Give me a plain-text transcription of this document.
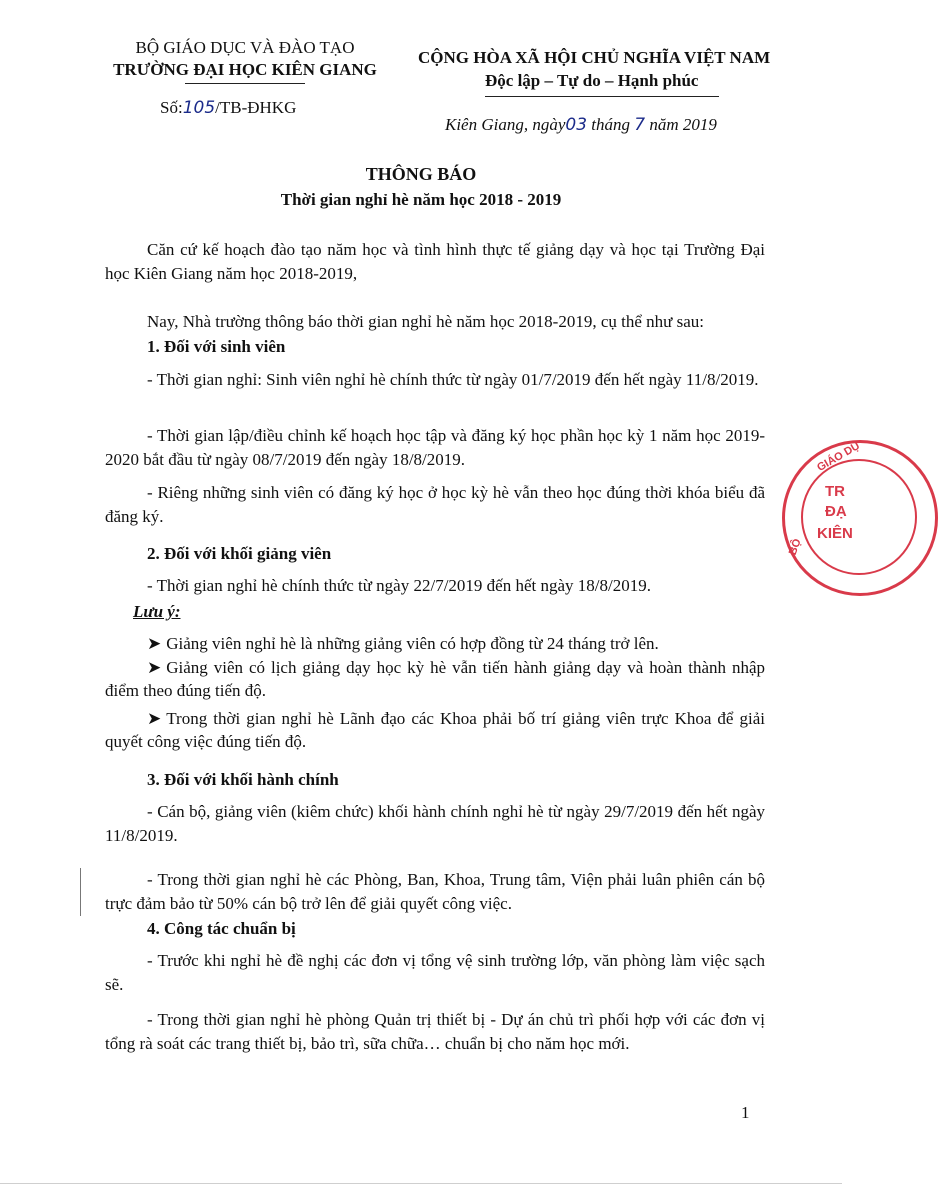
BỘ GIÁO DỤC VÀ ĐÀO TẠO
TRƯỜNG ĐẠI HỌC KIÊN GIANG
Số:105/TB-ĐHKG
CỘNG HÒA XÃ HỘI CHỦ NGHĨA VIỆT NAM
Độc lập – Tự do – Hạnh phúc
Kiên Giang, ngày03 tháng 7 năm 2019
THÔNG BÁO
Thời gian nghỉ hè năm học 2018 - 2019
Căn cứ kế hoạch đào tạo năm học và tình hình thực tế giảng dạy và học tại Trường Đại học Kiên Giang năm học 2018-2019,
Nay, Nhà trường thông báo thời gian nghỉ hè năm học 2018-2019, cụ thể như sau:
1. Đối với sinh viên
- Thời gian nghỉ: Sinh viên nghỉ hè chính thức từ ngày 01/7/2019 đến hết ngày 11/8/2019.
- Thời gian lập/điều chỉnh kế hoạch học tập và đăng ký học phần học kỳ 1 năm học 2019-2020 bắt đầu từ ngày 08/7/2019 đến ngày 18/8/2019.
- Riêng những sinh viên có đăng ký học ở học kỳ hè vẫn theo học đúng thời khóa biểu đã đăng ký.
2. Đối với khối giảng viên
- Thời gian nghỉ hè chính thức từ ngày 22/7/2019 đến hết ngày 18/8/2019.
Lưu ý:
➤ Giảng viên nghỉ hè là những giảng viên có hợp đồng từ 24 tháng trở lên.
➤ Giảng viên có lịch giảng dạy học kỳ hè vẫn tiến hành giảng dạy và hoàn thành nhập điểm theo đúng tiến độ.
➤ Trong thời gian nghỉ hè Lãnh đạo các Khoa phải bố trí giảng viên trực Khoa để giải quyết công việc đúng tiến độ.
3. Đối với khối hành chính
- Cán bộ, giảng viên (kiêm chức) khối hành chính nghỉ hè từ ngày 29/7/2019 đến hết ngày 11/8/2019.
- Trong thời gian nghỉ hè các Phòng, Ban, Khoa, Trung tâm, Viện phải luân phiên cán bộ trực đảm bảo từ 50% cán bộ trở lên để giải quyết công việc.
4. Công tác chuẩn bị
- Trước khi nghỉ hè đề nghị các đơn vị tổng vệ sinh trường lớp, văn phòng làm việc sạch sẽ.
- Trong thời gian nghỉ hè phòng Quản trị thiết bị - Dự án chủ trì phối hợp với các đơn vị tổng rà soát các trang thiết bị, bảo trì, sữa chữa… chuẩn bị cho năm học mới.
1
GIÁO DỤ
BỘ
TR
ĐẠ
KIÊN
